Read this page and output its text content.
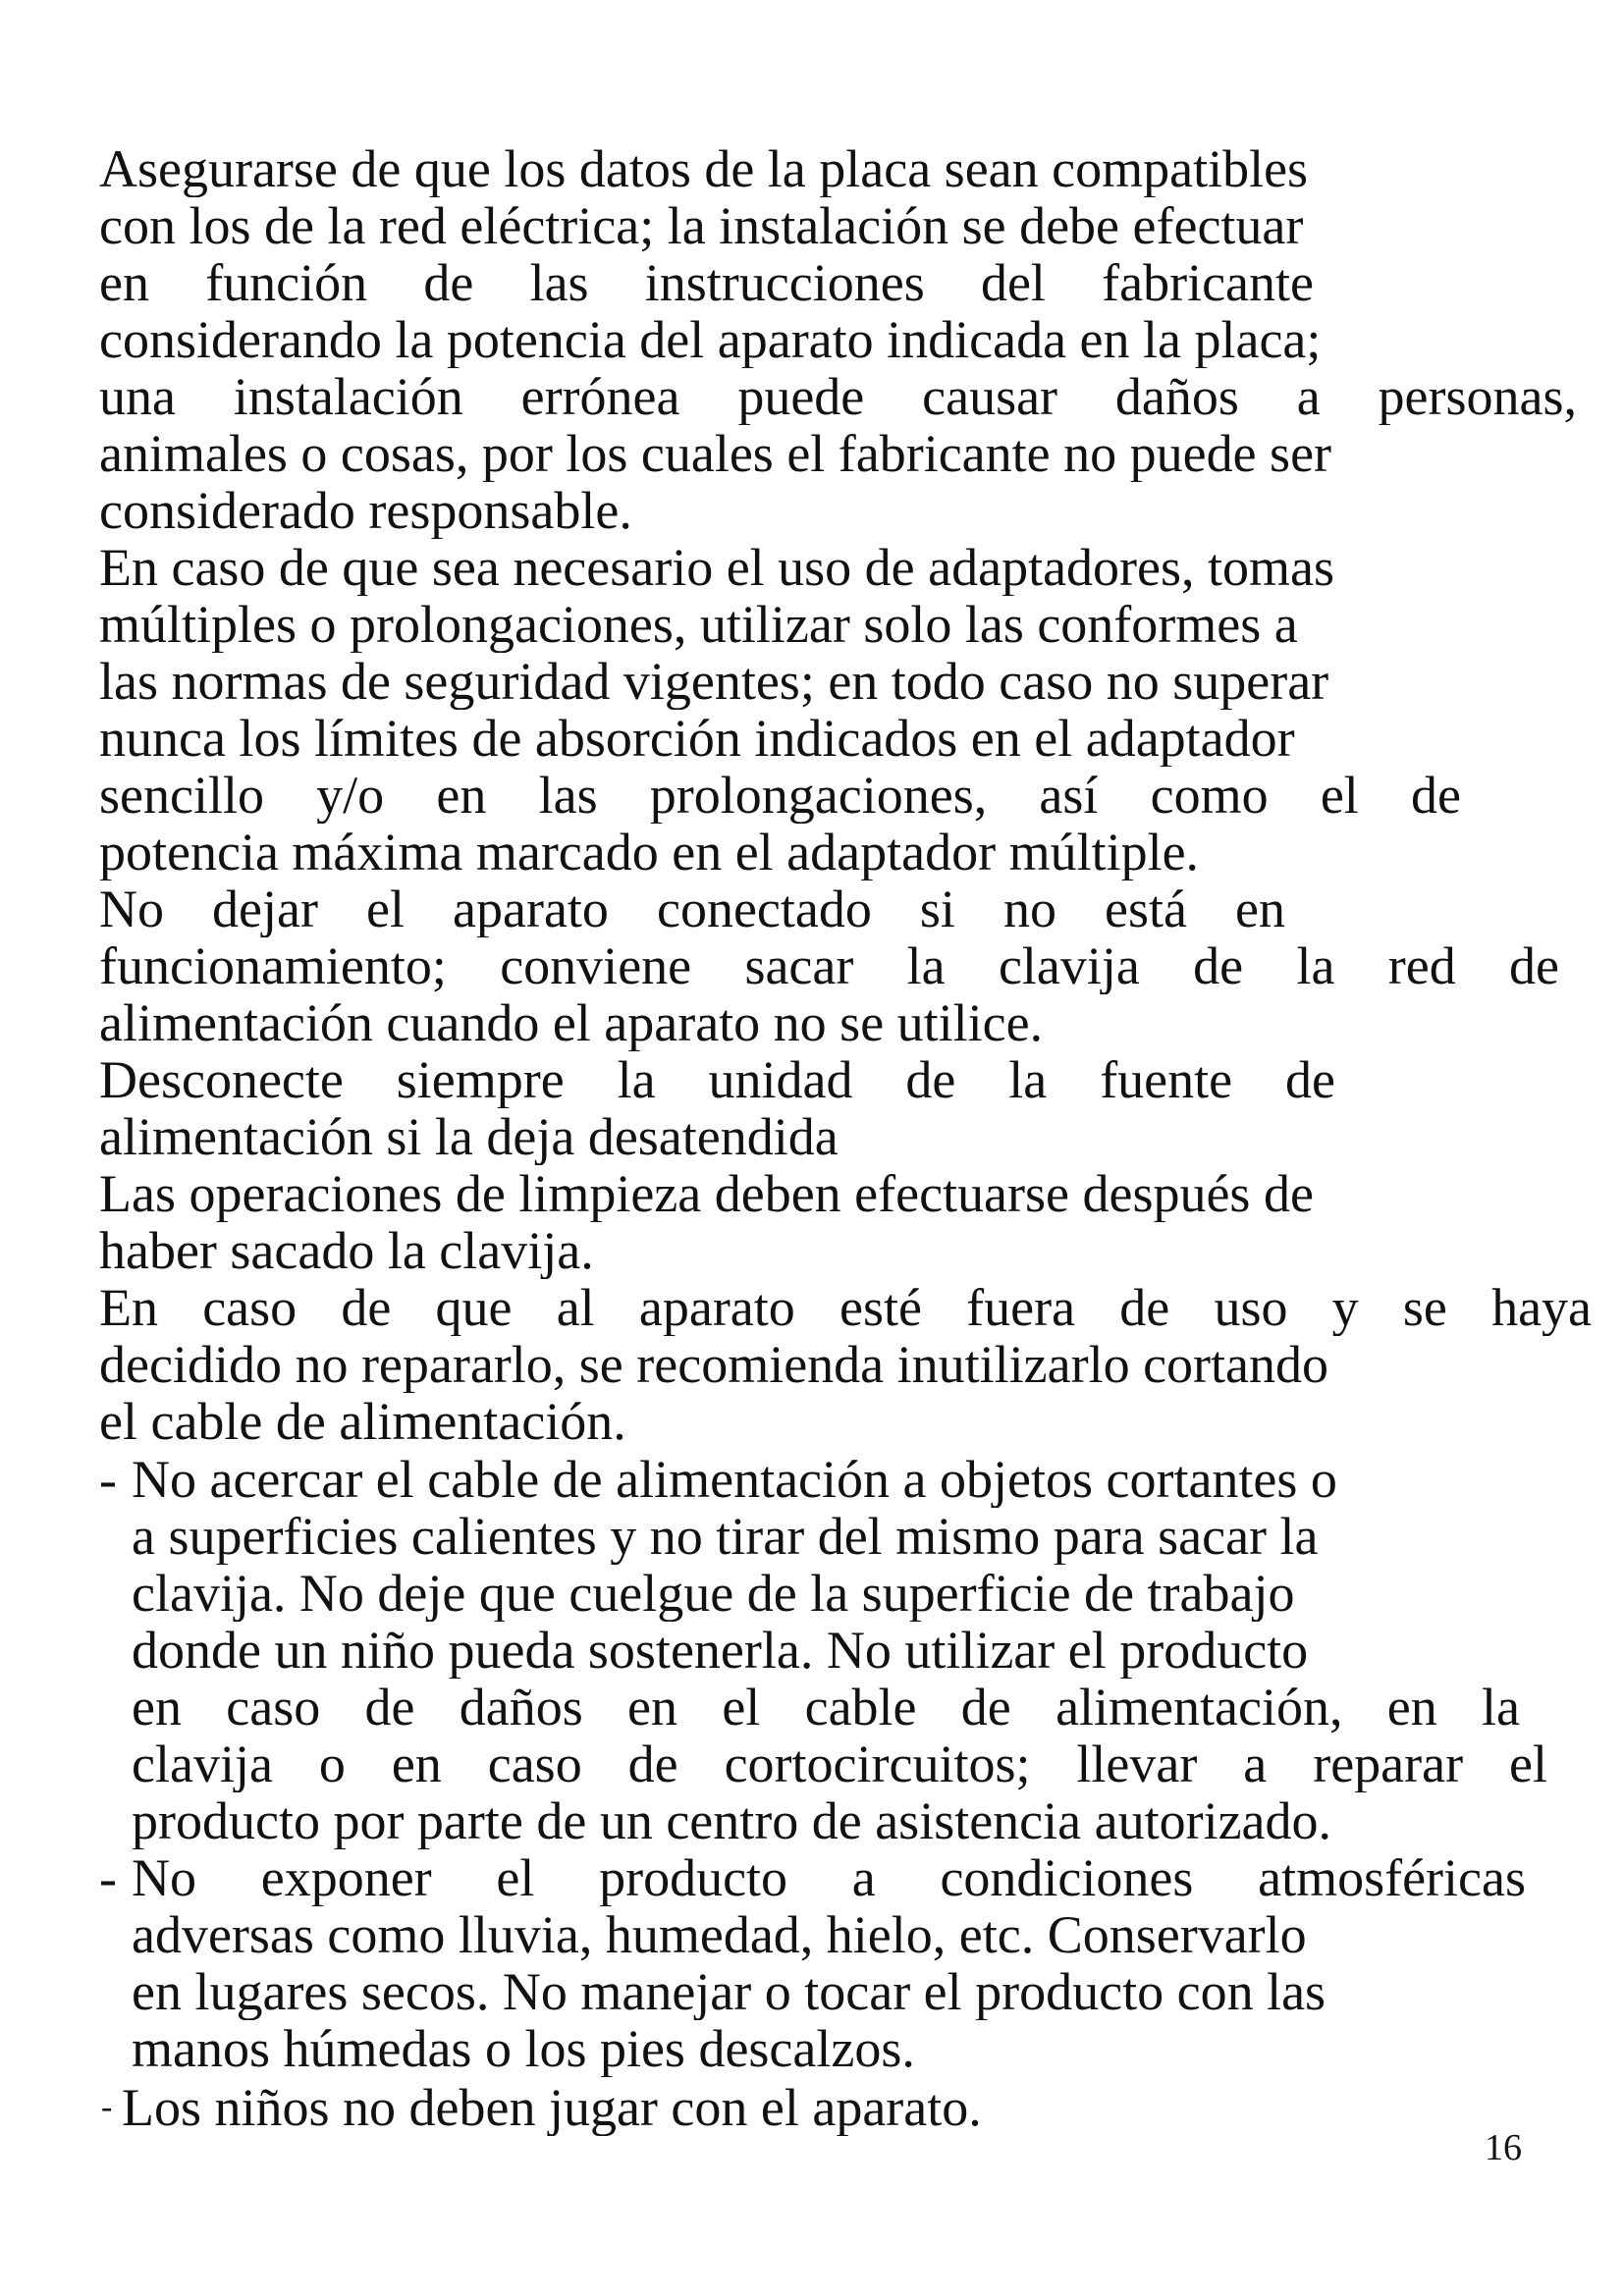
Asegurarse de que los datos de la placa sean compatibles
con los de la red eléctrica; la instalación se debe efectuar
en función de las instrucciones del fabricante
considerando la potencia del aparato indicada en la placa;
una instalación errónea puede causar daños a personas,
animales o cosas, por los cuales el fabricante no puede ser
considerado responsable.
En caso de que sea necesario el uso de adaptadores, tomas
múltiples o prolongaciones, utilizar solo las conformes a
las normas de seguridad vigentes; en todo caso no superar
nunca los límites de absorción indicados en el adaptador
sencillo y/o en las prolongaciones, así como el de
potencia máxima marcado en el adaptador múltiple.
No dejar el aparato conectado si no está en
funcionamiento; conviene sacar la clavija de la red de
alimentación cuando el aparato no se utilice.
Desconecte siempre la unidad de la fuente de
alimentación si la deja desatendida
Las operaciones de limpieza deben efectuarse después de
haber sacado la clavija.
En caso de que al aparato esté fuera de uso y se haya
decidido no repararlo, se recomienda inutilizarlo cortando
el cable de alimentación.
- No acercar el cable de alimentación a objetos cortantes o
a superficies calientes y no tirar del mismo para sacar la
clavija. No deje que cuelgue de la superficie de trabajo
donde un niño pueda sostenerla. No utilizar el producto
en caso de daños en el cable de alimentación, en la
clavija o en caso de cortocircuitos; llevar a reparar el
producto por parte de un centro de asistencia autorizado.
- No exponer el producto a condiciones atmosféricas
adversas como lluvia, humedad, hielo, etc. Conservarlo
en lugares secos. No manejar o tocar el producto con las
manos húmedas o los pies descalzos.
- Los niños no deben jugar con el aparato.
16
